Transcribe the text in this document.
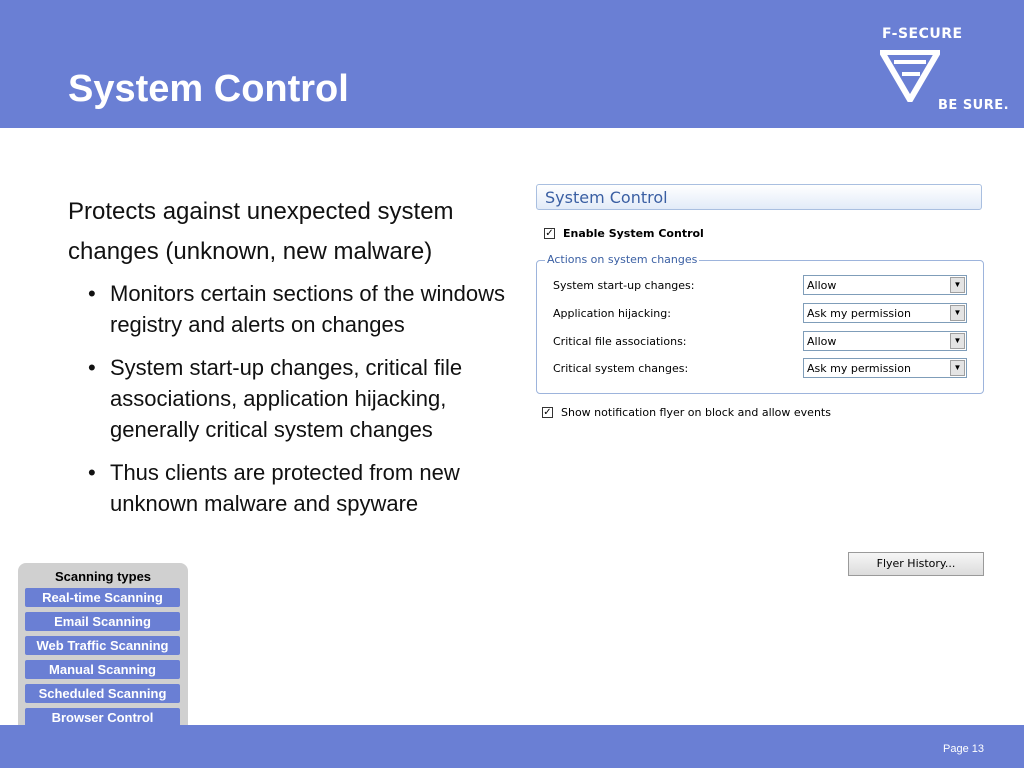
System Control
F-SECURE
BE SURE.

Protects against unexpected system changes (unknown, new malware)

• Monitors certain sections of the windows registry and alerts on changes
• System start-up changes, critical file associations, application hijacking, generally critical system changes
• Thus clients are protected from new unknown malware and spyware
System Control
✓ Enable System Control
Actions on system changes
System start-up changes:	Allow	▼
Application hijacking:	Ask my permission	▼
Critical file associations:	Allow	▼
Critical system changes:	Ask my permission	▼
✓ Show notification flyer on block and allow events
Flyer History...
Scanning types
Real-time Scanning
Email Scanning
Web Traffic Scanning
Manual Scanning
Scheduled Scanning
Browser Control
Page 13
